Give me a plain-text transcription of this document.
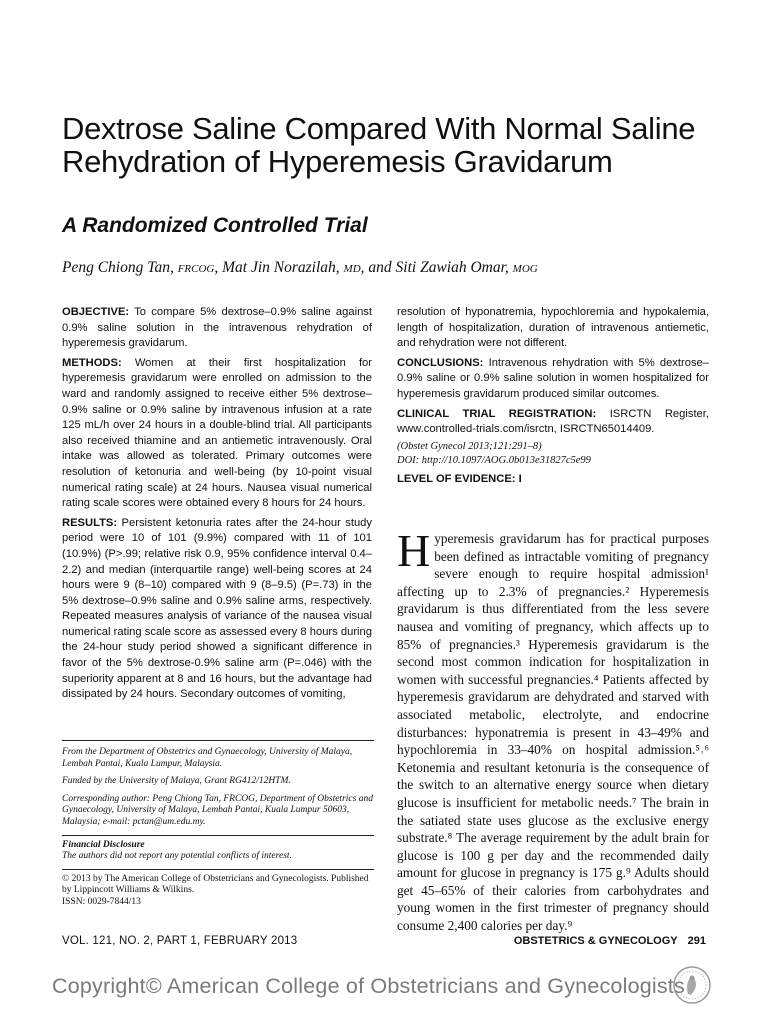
Dextrose Saline Compared With Normal Saline Rehydration of Hyperemesis Gravidarum
A Randomized Controlled Trial

Peng Chiong Tan, FRCOG, Mat Jin Norazilah, MD, and Siti Zawiah Omar, MOG

OBJECTIVE: To compare 5% dextrose–0.9% saline against 0.9% saline solution in the intravenous rehydration of hyperemesis gravidarum.

METHODS: Women at their first hospitalization for hyperemesis gravidarum were enrolled on admission to the ward and randomly assigned to receive either 5% dextrose–0.9% saline or 0.9% saline by intravenous infusion at a rate 125 mL/h over 24 hours in a double-blind trial. All participants also received thiamine and an antiemetic intravenously. Oral intake was allowed as tolerated. Primary outcomes were resolution of ketonuria and well-being (by 10-point visual numerical rating scale) at 24 hours. Nausea visual numerical rating scale scores were obtained every 8 hours for 24 hours.

RESULTS: Persistent ketonuria rates after the 24-hour study period were 10 of 101 (9.9%) compared with 11 of 101 (10.9%) (P>.99; relative risk 0.9, 95% confidence interval 0.4–2.2) and median (interquartile range) well-being scores at 24 hours were 9 (8–10) compared with 9 (8–9.5) (P=.73) in the 5% dextrose–0.9% saline and 0.9% saline arms, respectively. Repeated measures analysis of variance of the nausea visual numerical rating scale score as assessed every 8 hours during the 24-hour study period showed a significant difference in favor of the 5% dextrose-0.9% saline arm (P=.046) with the superiority apparent at 8 and 16 hours, but the advantage had dissipated by 24 hours. Secondary outcomes of vomiting,

resolution of hyponatremia, hypochloremia and hypokalemia, length of hospitalization, duration of intravenous antiemetic, and rehydration were not different.

CONCLUSIONS: Intravenous rehydration with 5% dextrose–0.9% saline or 0.9% saline solution in women hospitalized for hyperemesis gravidarum produced similar outcomes.

CLINICAL TRIAL REGISTRATION: ISRCTN Register, www.controlled-trials.com/isrctn, ISRCTN65014409.

(Obstet Gynecol 2013;121:291–8)

DOI: http://10.1097/AOG.0b013e31827c5e99

LEVEL OF EVIDENCE: I

From the Department of Obstetrics and Gynaecology, University of Malaya, Lembah Pantai, Kuala Lumpur, Malaysia.

Funded by the University of Malaya, Grant RG412/12HTM.

Corresponding author: Peng Chiong Tan, FRCOG, Department of Obstetrics and Gynaecology, University of Malaya, Lembah Pantai, Kuala Lumpur 50603, Malaysia; e-mail: pctan@um.edu.my.

Financial Disclosure

The authors did not report any potential conflicts of interest.

© 2013 by The American College of Obstetricians and Gynecologists. Published by Lippincott Williams & Wilkins.

ISSN: 0029-7844/13

Hyperemesis gravidarum has for practical purposes been defined as intractable vomiting of pregnancy severe enough to require hospital admission¹ affecting up to 2.3% of pregnancies.² Hyperemesis gravidarum is thus differentiated from the less severe nausea and vomiting of pregnancy, which affects up to 85% of pregnancies.³ Hyperemesis gravidarum is the second most common indication for hospitalization in women with successful pregnancies.⁴ Patients affected by hyperemesis gravidarum are dehydrated and starved with associated metabolic, electrolyte, and endocrine disturbances: hyponatremia is present in 43–49% and hypochloremia in 33–40% on hospital admission.⁵˒⁶ Ketonemia and resultant ketonuria is the consequence of the switch to an alternative energy source when dietary glucose is insufficient for metabolic needs.⁷ The brain in the satiated state uses glucose as the exclusive energy substrate.⁸ The average requirement by the adult brain for glucose is 100 g per day and the recommended daily amount for glucose in pregnancy is 175 g.⁹ Adults should get 45–65% of their calories from carbohydrates and young women in the first trimester of pregnancy should consume 2,400 calories per day.⁹

VOL. 121, NO. 2, PART 1, FEBRUARY 2013	OBSTETRICS & GYNECOLOGY 291
Copyright© American College of Obstetricians and Gynecologists
